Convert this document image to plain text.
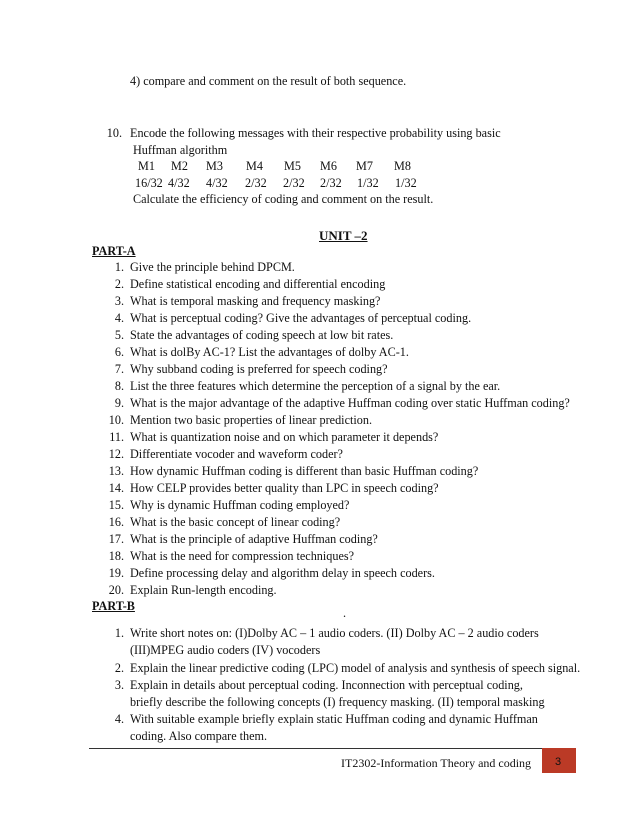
4) compare and comment on the result of both sequence.
10. Encode the following messages with their respective probability using basic
Huffman algorithm
M1 M2 M3 M4 M5 M6 M7 M8
16/32 4/32 4/32 2/32 2/32 2/32 1/32 1/32
Calculate the efficiency of coding and comment on the result.
UNIT –2
PART-A
1. Give the principle behind DPCM.
2. Define statistical encoding and differential encoding
3. What is temporal masking and frequency masking?
4. What is perceptual coding? Give the advantages of perceptual coding.
5. State the advantages of coding speech at low bit rates.
6. What is dolBy AC-1? List the advantages of dolby AC-1.
7. Why subband coding is preferred for speech coding?
8. List the three features which determine the perception of a signal by the ear.
9. What is the major advantage of the adaptive Huffman coding over static Huffman coding?
10. Mention two basic properties of linear prediction.
11. What is quantization noise and on which parameter it depends?
12. Differentiate vocoder and waveform coder?
13. How dynamic Huffman coding is different than basic Huffman coding?
14. How CELP provides better quality than LPC in speech coding?
15. Why is dynamic Huffman coding employed?
16. What is the basic concept of linear coding?
17. What is the principle of adaptive Huffman coding?
18. What is the need for compression techniques?
19. Define processing delay and algorithm delay in speech coders.
20. Explain Run-length encoding.
PART-B	.
1. Write short notes on: (I)Dolby AC – 1 audio coders. (II) Dolby AC – 2 audio coders
(III)MPEG audio coders (IV) vocoders
2. Explain the linear predictive coding (LPC) model of analysis and synthesis of speech signal.
3. Explain in details about perceptual coding. Inconnection with perceptual coding,
briefly describe the following concepts (I) frequency masking. (II) temporal masking
4. With suitable example briefly explain static Huffman coding and dynamic Huffman
coding. Also compare them.
IT2302-Information Theory and coding 3
